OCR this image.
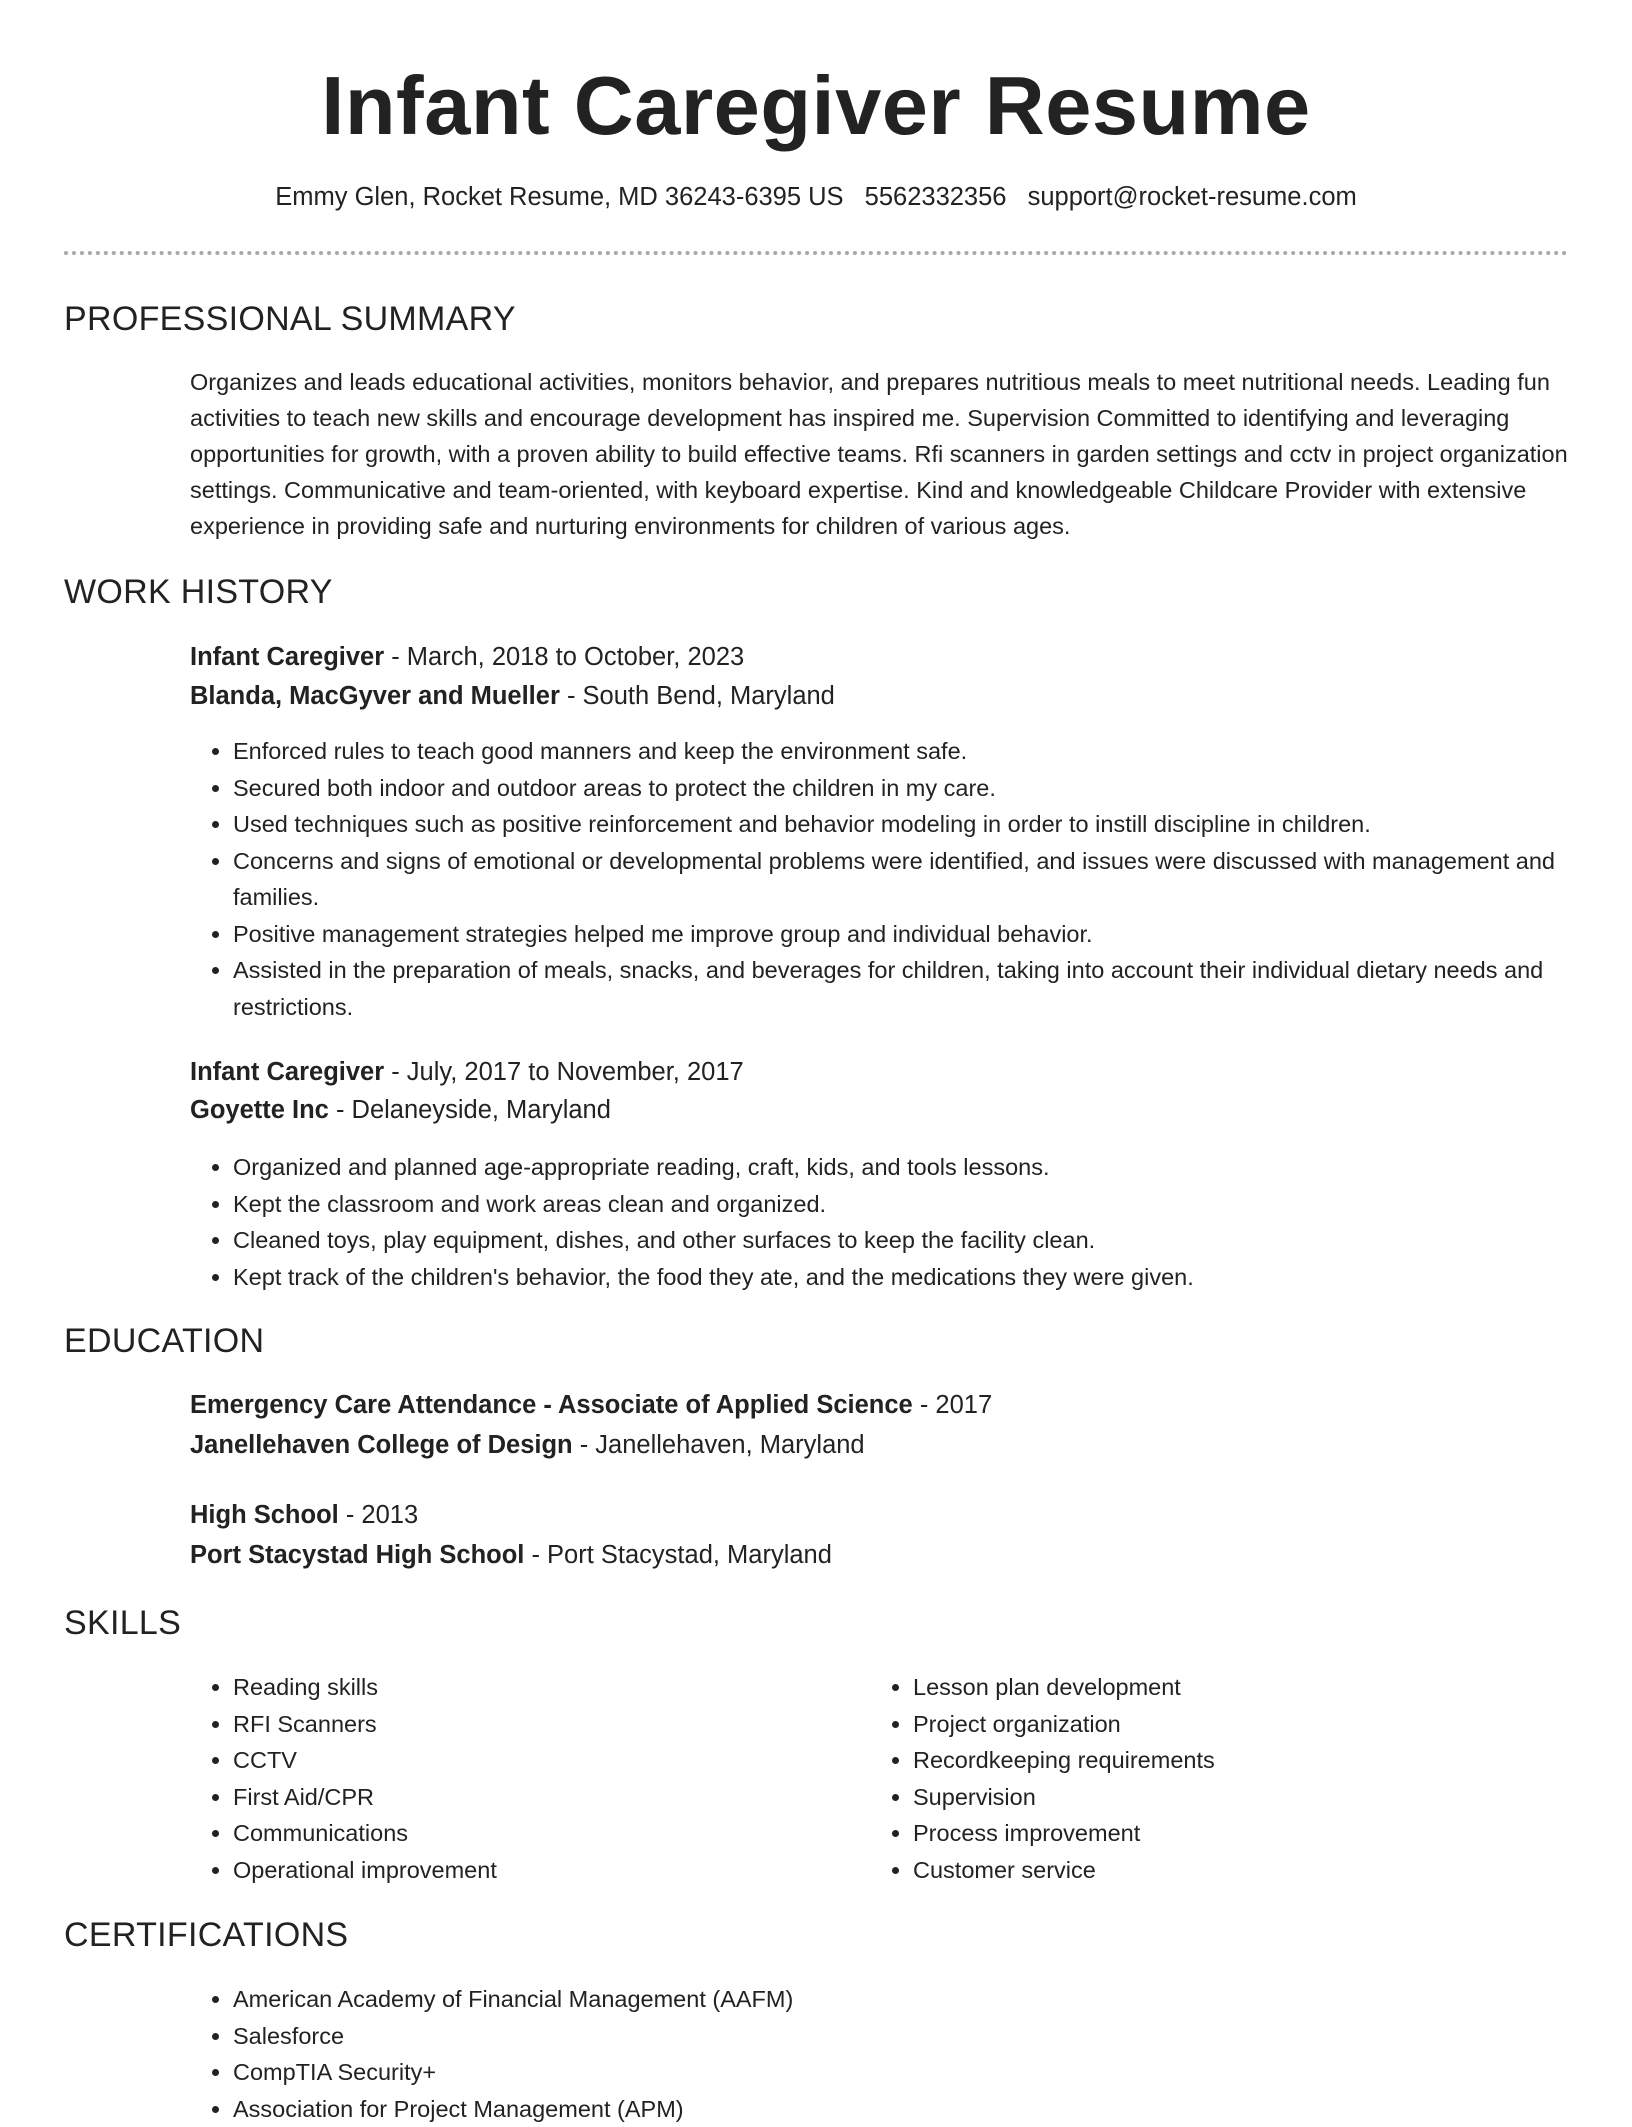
Infant Caregiver Resume
Emmy Glen, Rocket Resume, MD 36243-6395 US 5562332356 support@rocket-resume.com
PROFESSIONAL SUMMARY

Organizes and leads educational activities, monitors behavior, and prepares nutritious meals to meet nutritional needs. Leading fun activities to teach new skills and encourage development has inspired me. Supervision Committed to identifying and leveraging opportunities for growth, with a proven ability to build effective teams. Rfi scanners in garden settings and cctv in project organization settings. Communicative and team-oriented, with keyboard expertise. Kind and knowledgeable Childcare Provider with extensive experience in providing safe and nurturing environments for children of various ages.

WORK HISTORY
Infant Caregiver - March, 2018 to October, 2023
Blanda, MacGyver and Mueller - South Bend, Maryland
• Enforced rules to teach good manners and keep the environment safe.
• Secured both indoor and outdoor areas to protect the children in my care.
• Used techniques such as positive reinforcement and behavior modeling in order to instill discipline in children.
• Concerns and signs of emotional or developmental problems were identified, and issues were discussed with management and families.
• Positive management strategies helped me improve group and individual behavior.
• Assisted in the preparation of meals, snacks, and beverages for children, taking into account their individual dietary needs and restrictions.
Infant Caregiver - July, 2017 to November, 2017
Goyette Inc - Delaneyside, Maryland
• Organized and planned age-appropriate reading, craft, kids, and tools lessons.
• Kept the classroom and work areas clean and organized.
• Cleaned toys, play equipment, dishes, and other surfaces to keep the facility clean.
• Kept track of the children's behavior, the food they ate, and the medications they were given.
EDUCATION
Emergency Care Attendance - Associate of Applied Science - 2017
Janellehaven College of Design - Janellehaven, Maryland
High School - 2013
Port Stacystad High School - Port Stacystad, Maryland
SKILLS
• Reading skills
• RFI Scanners
• CCTV
• First Aid/CPR
• Communications
• Operational improvement
• Lesson plan development
• Project organization
• Recordkeeping requirements
• Supervision
• Process improvement
• Customer service
CERTIFICATIONS
• American Academy of Financial Management (AAFM)
• Salesforce
• CompTIA Security+
• Association for Project Management (APM)
